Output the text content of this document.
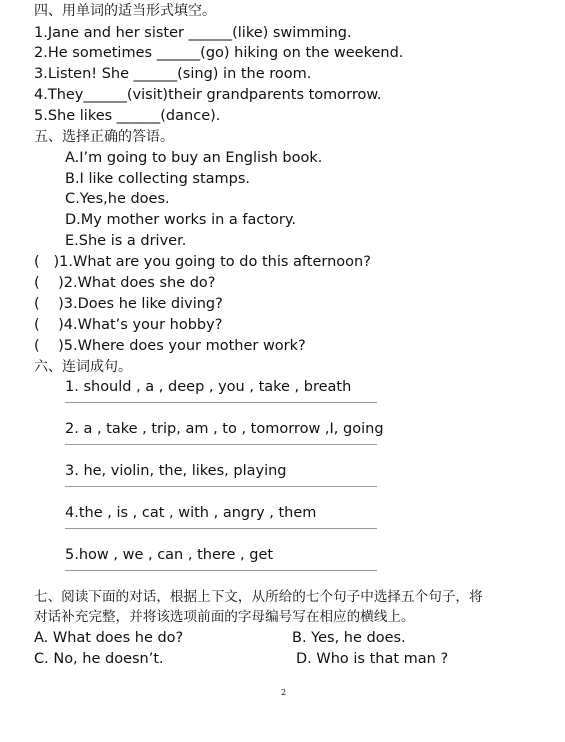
四、用单词的适当形式填空。
1.Jane and her sister ______(like) swimming.
2.He sometimes ______(go) hiking on the weekend.
3.Listen! She ______(sing) in the room.
4.They______(visit)their grandparents tomorrow.
5.She likes ______(dance).
五、选择正确的答语。
A.I’m going to buy an English book.
B.I like collecting stamps.
C.Yes,he does.
D.My mother works in a factory.
E.She is a driver.
(   )1.What are you going to do this afternoon?
(    )2.What does she do?
(    )3.Does he like diving?
(    )4.What’s your hobby?
(    )5.Where does your mother work?
六、连词成句。
1. should , a , deep , you , take , breath
2. a , take , trip, am , to , tomorrow ,I, going
3. he, violin, the, likes, playing
4.the , is , cat , with , angry , them
5.how , we , can , there , get
七、阅读下面的对话，根据上下文，从所给的七个句子中选择五个句子，将
对话补充完整，并将该选项前面的字母编号写在相应的横线上。
A. What does he do?	B. Yes, he does.
C. No, he doesn’t.	D. Who is that man ?
2
